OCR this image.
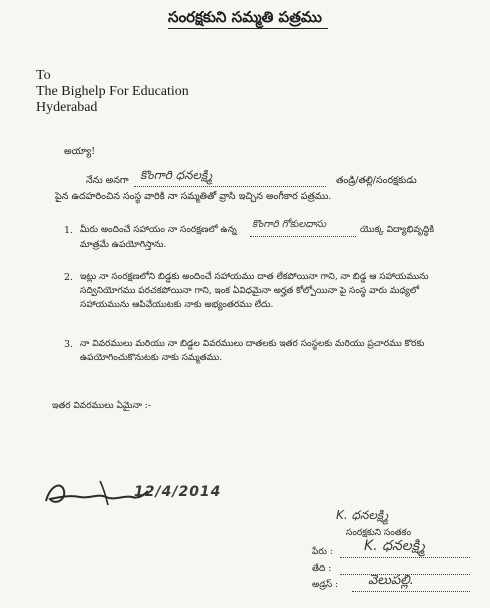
సంరక్షకుని సమ్మతి పత్రము
To
The Bighelp For Education
Hyderabad
అయ్యా!
నేను అనగా కొంగారి ధనలక్ష్మి	తండ్రి/తల్లి/సంరక్షకుడు
పైన ఉదహరించిన సంస్థ వారికి నా సమ్మతితో వ్రాసి ఇచ్చిన అంగీకార పత్రము.
1. మీరు అందించే సహాయం నా సంరక్షణలో ఉన్న కొంగారి గోకులదాసు	యొక్క విద్యాభివృద్ధికి
మాత్రమే ఉపయోగిస్తాను.
2. ఇట్లు నా సంరక్షణలోని బిడ్డకు అందించే సహాయము దాత లేకపోయినా గాని, నా బిడ్డ ఆ సహాయమును
సద్వినియోగము పరచకపోయినా గాని, ఇంక ఏవిధమైనా అర్హత కోల్పోయినా పై సంస్థ వారు మధ్యలో
సహాయమును ఆపివేయుటకు నాకు అభ్యంతరము లేదు.
3. నా వివరములు మరియు నా బిడ్డల వివరములు దాతలకు ఇతర సంస్థలకు మరియు ప్రచారము కొరకు
ఉపయోగించుకొనుటకు నాకు సమ్మతము.
ఇతర వివరములు ఏమైనా :-
12/4/2014
K. ధనలక్ష్మి
సంరక్షకుని సంతకం
పేరు : K. ధనలక్ష్మి
తేది :
అడ్రస్ : వెలుపల్లి.
